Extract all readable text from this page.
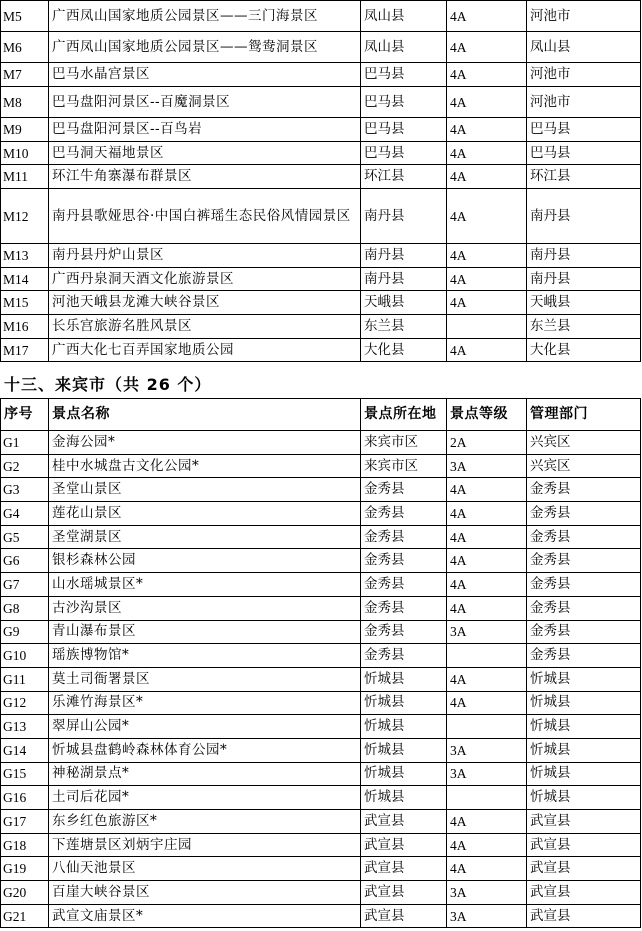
M5	广西凤山国家地质公园景区——三门海景区	凤山县	4A	河池市
M6	广西凤山国家地质公园景区——鸳鸯洞景区	凤山县	4A	凤山县
M7	巴马水晶宫景区	巴马县	4A	河池市
M8	巴马盘阳河景区--百魔洞景区	巴马县	4A	河池市
M9	巴马盘阳河景区--百鸟岩	巴马县	4A	巴马县
M10	巴马洞天福地景区	巴马县	4A	巴马县
M11	环江牛角寨瀑布群景区	环江县	4A	环江县
M12	南丹县歌娅思谷·中国白裤瑶生态民俗风情园景区	南丹县	4A	南丹县
M13	南丹县丹炉山景区	南丹县	4A	南丹县
M14	广西丹泉洞天酒文化旅游景区	南丹县	4A	南丹县
M15	河池天峨县龙滩大峡谷景区	天峨县	4A	天峨县
M16	长乐宫旅游名胜风景区	东兰县		东兰县
M17	广西大化七百弄国家地质公园	大化县	4A	大化县
十三、来宾市（共 26 个）
序号	景点名称	景点所在地	景点等级	管理部门
G1	金海公园*	来宾市区	2A	兴宾区
G2	桂中水城盘古文化公园*	来宾市区	3A	兴宾区
G3	圣堂山景区	金秀县	4A	金秀县
G4	莲花山景区	金秀县	4A	金秀县
G5	圣堂湖景区	金秀县	4A	金秀县
G6	银杉森林公园	金秀县	4A	金秀县
G7	山水瑶城景区*	金秀县	4A	金秀县
G8	古沙沟景区	金秀县	4A	金秀县
G9	青山瀑布景区	金秀县	3A	金秀县
G10	瑶族博物馆*	金秀县		金秀县
G11	莫土司衙署景区	忻城县	4A	忻城县
G12	乐滩竹海景区*	忻城县	4A	忻城县
G13	翠屏山公园*	忻城县		忻城县
G14	忻城县盘鹤岭森林体育公园*	忻城县	3A	忻城县
G15	神秘湖景点*	忻城县	3A	忻城县
G16	土司后花园*	忻城县		忻城县
G17	东乡红色旅游区*	武宣县	4A	武宣县
G18	下莲塘景区刘炳宇庄园	武宣县	4A	武宣县
G19	八仙天池景区	武宣县	4A	武宣县
G20	百崖大峡谷景区	武宣县	3A	武宣县
G21	武宣文庙景区*	武宣县	3A	武宣县
